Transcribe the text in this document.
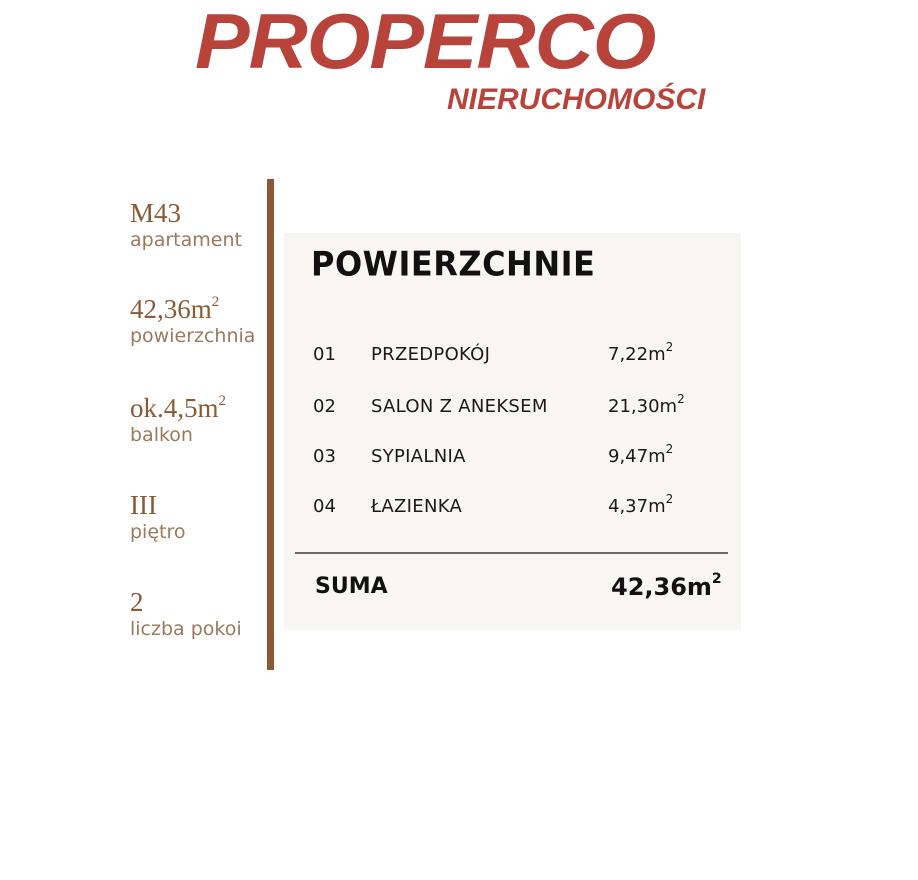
PROPERCO
NIERUCHOMOŚCI
M43
apartament
$42,36m^2$
powierzchnia
$ok.4,5m^2$
balkon
III
piętro
2
liczba pokoi
POWIERZCHNIE
01 PRZEDPOKÓJ	$7,22m^2$
02 SALON Z ANEKSEM	$21,30m^2$
03 SYPIALNIA	$9,47m^2$
04 ŁAZIENKA	$4,37m^2$
SUMA	$42,36m^2$
